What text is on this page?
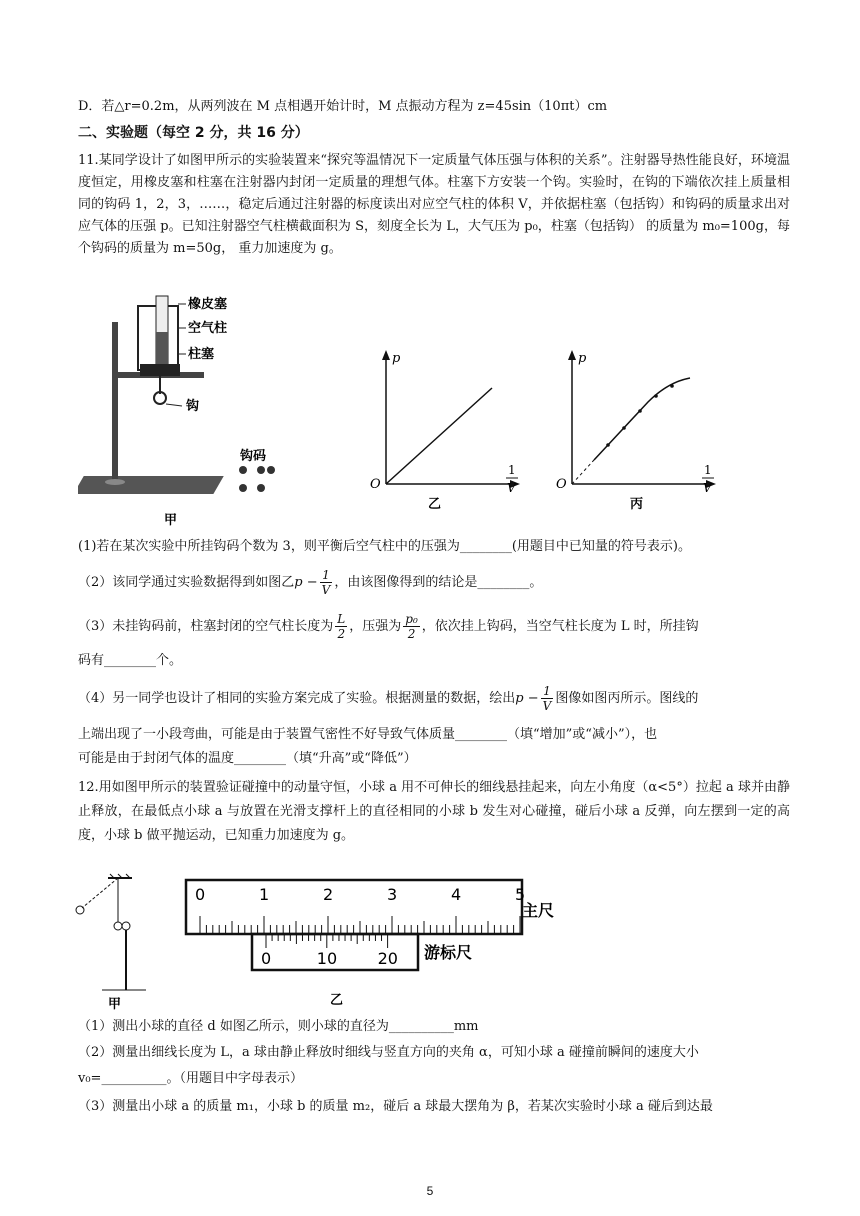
D．若△r=0.2m，从两列波在 M 点相遇开始计时，M 点振动方程为 z=45sin（10πt）cm
二、实验题（每空 2 分，共 16 分）
11.某同学设计了如图甲所示的实验装置来“探究等温情况下一定质量气体压强与体积的关系”。注射器导热性能良好，环境温度恒定，用橡皮塞和柱塞在注射器内封闭一定质量的理想气体。柱塞下方安装一个钩。实验时，在钩的下端依次挂上质量相同的钩码 1，2，3，……，稳定后通过注射器的标度读出对应空气柱的体积 V，并依据柱塞（包括钩）和钩码的质量求出对应气体的压强 p。已知注射器空气柱横截面积为 S，刻度全长为 L，大气压为 p₀，柱塞（包括钩） 的质量为 m₀=100g，每个钩码的质量为 m=50g， 重力加速度为 g。
橡皮塞
空气柱
柱塞
钩
钩码
甲
p
O
1
V
乙
p
O
1
V
丙
(1)若在某次实验中所挂钩码个数为 3，则平衡后空气柱中的压强为________(用题目中已知量的符号表示)。
（2）该同学通过实验数据得到如图乙$p - \frac{1}{V}$ ，由该图像得到的结论是________。
（3）未挂钩码前，柱塞封闭的空气柱长度为 $\frac{L}{2}$ ，压强为 $\frac{\text{p₀}}{2}$ ，依次挂上钩码，当空气柱长度为 L 时，所挂钩
码有________个。
（4）另一同学也设计了相同的实验方案完成了实验。根据测量的数据，绘出$p - \frac{1}{V}$ 图像如图丙所示。图线的
上端出现了一小段弯曲，可能是由于装置气密性不好导致气体质量________（填“增加”或“减小”），也
可能是由于封闭气体的温度________（填“升高”或“降低”）
12.用如图甲所示的装置验证碰撞中的动量守恒，小球 a 用不可伸长的细线悬挂起来，向左小角度（α<5°）拉起 a 球并由静止释放，在最低点小球 a 与放置在光滑支撑杆上的直径相同的小球 b 发生对心碰撞，碰后小球 a 反弹，向左摆到一定的高度，小球 b 做平抛运动，已知重力加速度为 g。
甲
0	1	2	3	4	5
0	10	20
主尺
游标尺
乙
（1）测出小球的直径 d 如图乙所示，则小球的直径为__________mm
（2）测量出细线长度为 L，a 球由静止释放时细线与竖直方向的夹角 α，可知小球 a 碰撞前瞬间的速度大小
v₀=__________。（用题目中字母表示）
（3）测量出小球 a 的质量 m₁，小球 b 的质量 m₂，碰后 a 球最大摆角为 β，若某次实验时小球 a 碰后到达最
5
